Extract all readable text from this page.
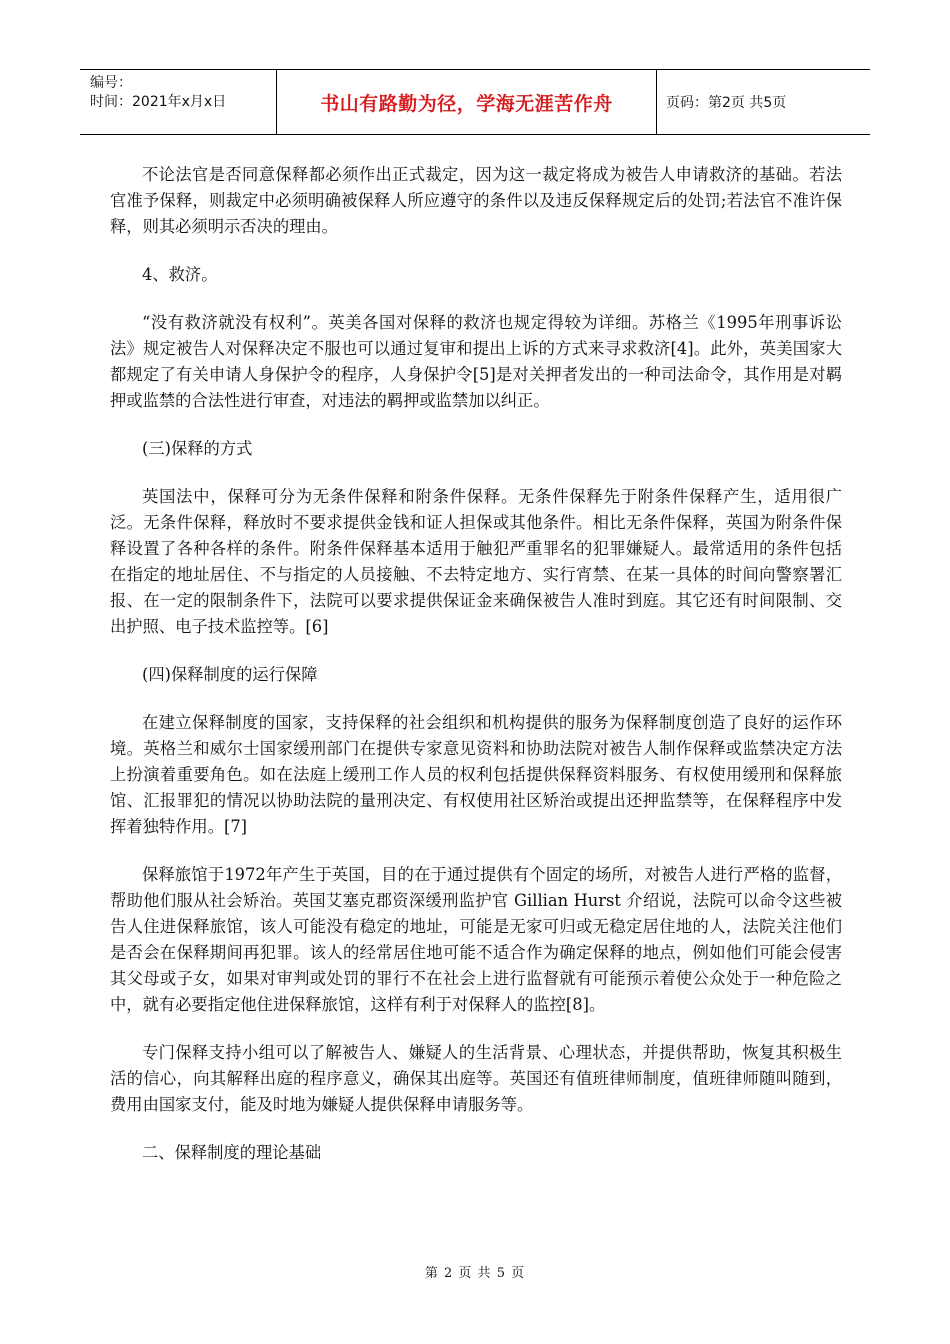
编号：
时间：2021年x月x日	书山有路勤为径，学海无涯苦作舟	页码：第2页 共5页

不论法官是否同意保释都必须作出正式裁定，因为这一裁定将成为被告人申请救济的基础。若法官准予保释，则裁定中必须明确被保释人所应遵守的条件以及违反保释规定后的处罚;若法官不准许保释，则其必须明示否决的理由。

4、救济。

“没有救济就没有权利”。英美各国对保释的救济也规定得较为详细。苏格兰《1995年刑事诉讼法》规定被告人对保释决定不服也可以通过复审和提出上诉的方式来寻求救济[4]。此外，英美国家大都规定了有关申请人身保护令的程序，人身保护令[5]是对关押者发出的一种司法命令，其作用是对羁押或监禁的合法性进行审查，对违法的羁押或监禁加以纠正。

(三)保释的方式

英国法中，保释可分为无条件保释和附条件保释。无条件保释先于附条件保释产生，适用很广泛。无条件保释，释放时不要求提供金钱和证人担保或其他条件。相比无条件保释，英国为附条件保释设置了各种各样的条件。附条件保释基本适用于触犯严重罪名的犯罪嫌疑人。最常适用的条件包括在指定的地址居住、不与指定的人员接触、不去特定地方、实行宵禁、在某一具体的时间向警察署汇报、在一定的限制条件下，法院可以要求提供保证金来确保被告人准时到庭。其它还有时间限制、交出护照、电子技术监控等。[6]

(四)保释制度的运行保障

在建立保释制度的国家，支持保释的社会组织和机构提供的服务为保释制度创造了良好的运作环境。英格兰和威尔士国家缓刑部门在提供专家意见资料和协助法院对被告人制作保释或监禁决定方法上扮演着重要角色。如在法庭上缓刑工作人员的权利包括提供保释资料服务、有权使用缓刑和保释旅馆、汇报罪犯的情况以协助法院的量刑决定、有权使用社区矫治或提出还押监禁等，在保释程序中发挥着独特作用。[7]

保释旅馆于1972年产生于英国，目的在于通过提供有个固定的场所，对被告人进行严格的监督，帮助他们服从社会矫治。英国艾塞克郡资深缓刑监护官 Gillian Hurst 介绍说，法院可以命令这些被告人住进保释旅馆，该人可能没有稳定的地址，可能是无家可归或无稳定居住地的人，法院关注他们是否会在保释期间再犯罪。该人的经常居住地可能不适合作为确定保释的地点，例如他们可能会侵害其父母或子女，如果对审判或处罚的罪行不在社会上进行监督就有可能预示着使公众处于一种危险之中，就有必要指定他住进保释旅馆，这样有利于对保释人的监控[8]。

专门保释支持小组可以了解被告人、嫌疑人的生活背景、心理状态，并提供帮助，恢复其积极生活的信心，向其解释出庭的程序意义，确保其出庭等。英国还有值班律师制度，值班律师随叫随到，费用由国家支付，能及时地为嫌疑人提供保释申请服务等。

二、保释制度的理论基础

第 2 页 共 5 页
